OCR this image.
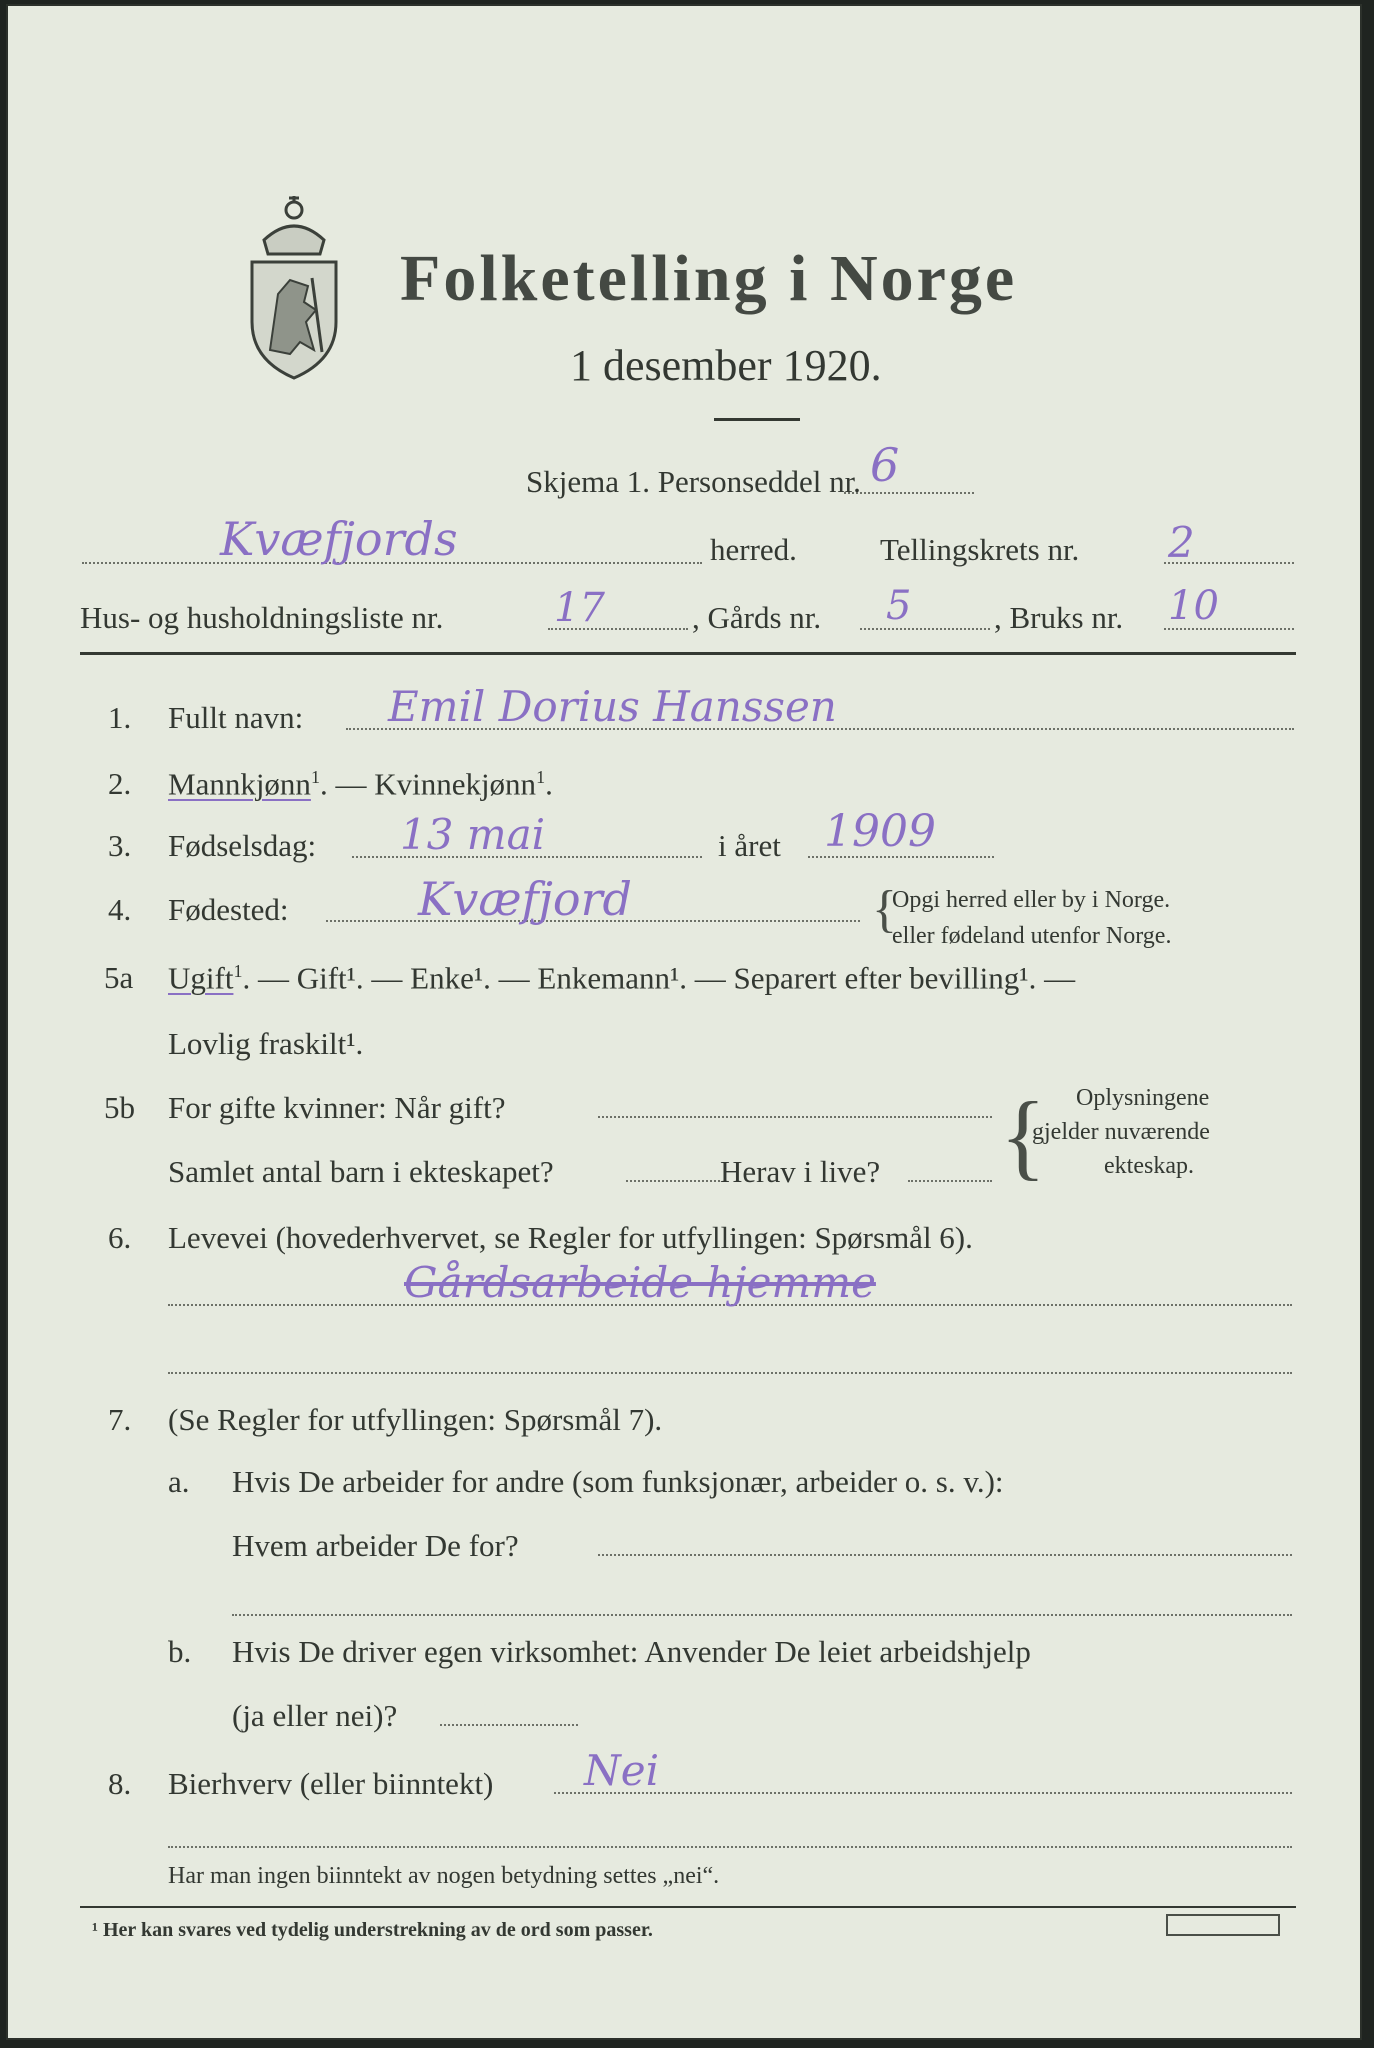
Folketelling i Norge
1 desember 1920.
Skjema 1. Personseddel nr. 6
Kvæfjords	herred.	Tellingskrets nr. 2
Hus- og husholdningsliste nr.	17	, Gårds nr. 5	, Bruks nr. 10
1. Fullt navn: Emil Dorius Hanssen
2. Mannkjønn$^1$. — Kvinnekjønn$^1$.
3. Fødselsdag: 13 mai	i året 1909
4. Fødested:	Kvæfjord	{
Opgi herred eller by i Norge.
eller fødeland utenfor Norge.
5a Ugift$^1$. — Gift¹. — Enke¹. — Enkemann¹. — Separert efter bevilling¹. —
Lovlig fraskilt¹.
5b For gifte kvinner: Når gift?
Samlet antal barn i ekteskapet?	Herav i live? { Oplysningene
gjelder nuværende
ekteskap.
6. Levevei (hovederhvervet, se Regler for utfyllingen: Spørsmål 6).
Gårdsarbeide hjemme
7. (Se Regler for utfyllingen: Spørsmål 7).
a. Hvis De arbeider for andre (som funksjonær, arbeider o. s. v.):
Hvem arbeider De for?
b. Hvis De driver egen virksomhet: Anvender De leiet arbeidshjelp
(ja eller nei)?
8. Bierhverv (eller biinntekt) Nei
Har man ingen biinntekt av nogen betydning settes „nei“.
¹ Her kan svares ved tydelig understrekning av de ord som passer.
